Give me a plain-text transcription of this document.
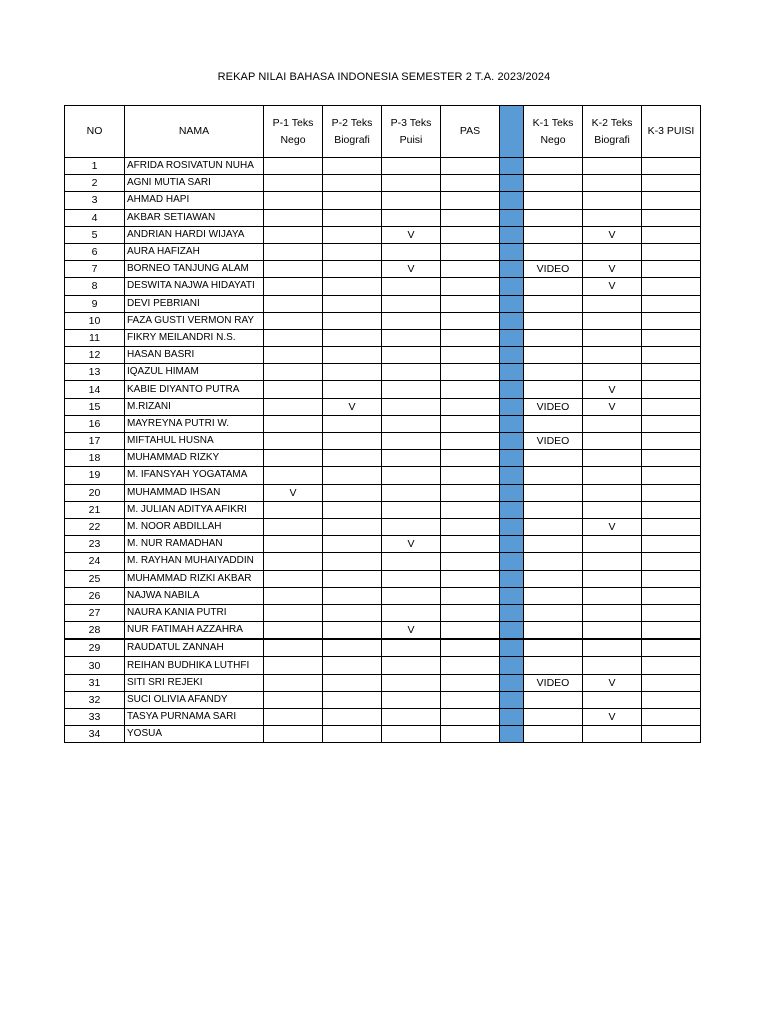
REKAP NILAI BAHASA INDONESIA SEMESTER 2 T.A. 2023/2024
NO	NAMA	P-1 Teks Nego	P-2 Teks Biografi	P-3 Teks Puisi	PAS		K-1 Teks Nego	K-2 Teks Biografi	K-3 PUISI
1	AFRIDA ROSIVATUN NUHA								
2	AGNI MUTIA SARI								
3	AHMAD HAPI								
4	AKBAR SETIAWAN								
5	ANDRIAN HARDI WIJAYA			V				V	
6	AURA HAFIZAH								
7	BORNEO TANJUNG ALAM			V			VIDEO	V	
8	DESWITA NAJWA HIDAYATI							V	
9	DEVI PEBRIANI								
10	FAZA GUSTI VERMON RAY								
11	FIKRY MEILANDRI N.S.								
12	HASAN BASRI								
13	IQAZUL HIMAM								
14	KABIE DIYANTO PUTRA							V	
15	M.RIZANI		V				VIDEO	V	
16	MAYREYNA PUTRI W.								
17	MIFTAHUL HUSNA						VIDEO		
18	MUHAMMAD RIZKY								
19	M. IFANSYAH YOGATAMA								
20	MUHAMMAD IHSAN	V							
21	M. JULIAN ADITYA AFIKRI								
22	M. NOOR ABDILLAH							V	
23	M. NUR RAMADHAN			V					
24	M. RAYHAN MUHAIYADDIN								
25	MUHAMMAD RIZKI AKBAR								
26	NAJWA NABILA								
27	NAURA KANIA PUTRI								
28	NUR FATIMAH AZZAHRA			V					
29	RAUDATUL ZANNAH								
30	REIHAN BUDHIKA LUTHFI								
31	SITI SRI REJEKI						VIDEO	V	
32	SUCI OLIVIA AFANDY								
33	TASYA PURNAMA SARI							V	
34	YOSUA								
